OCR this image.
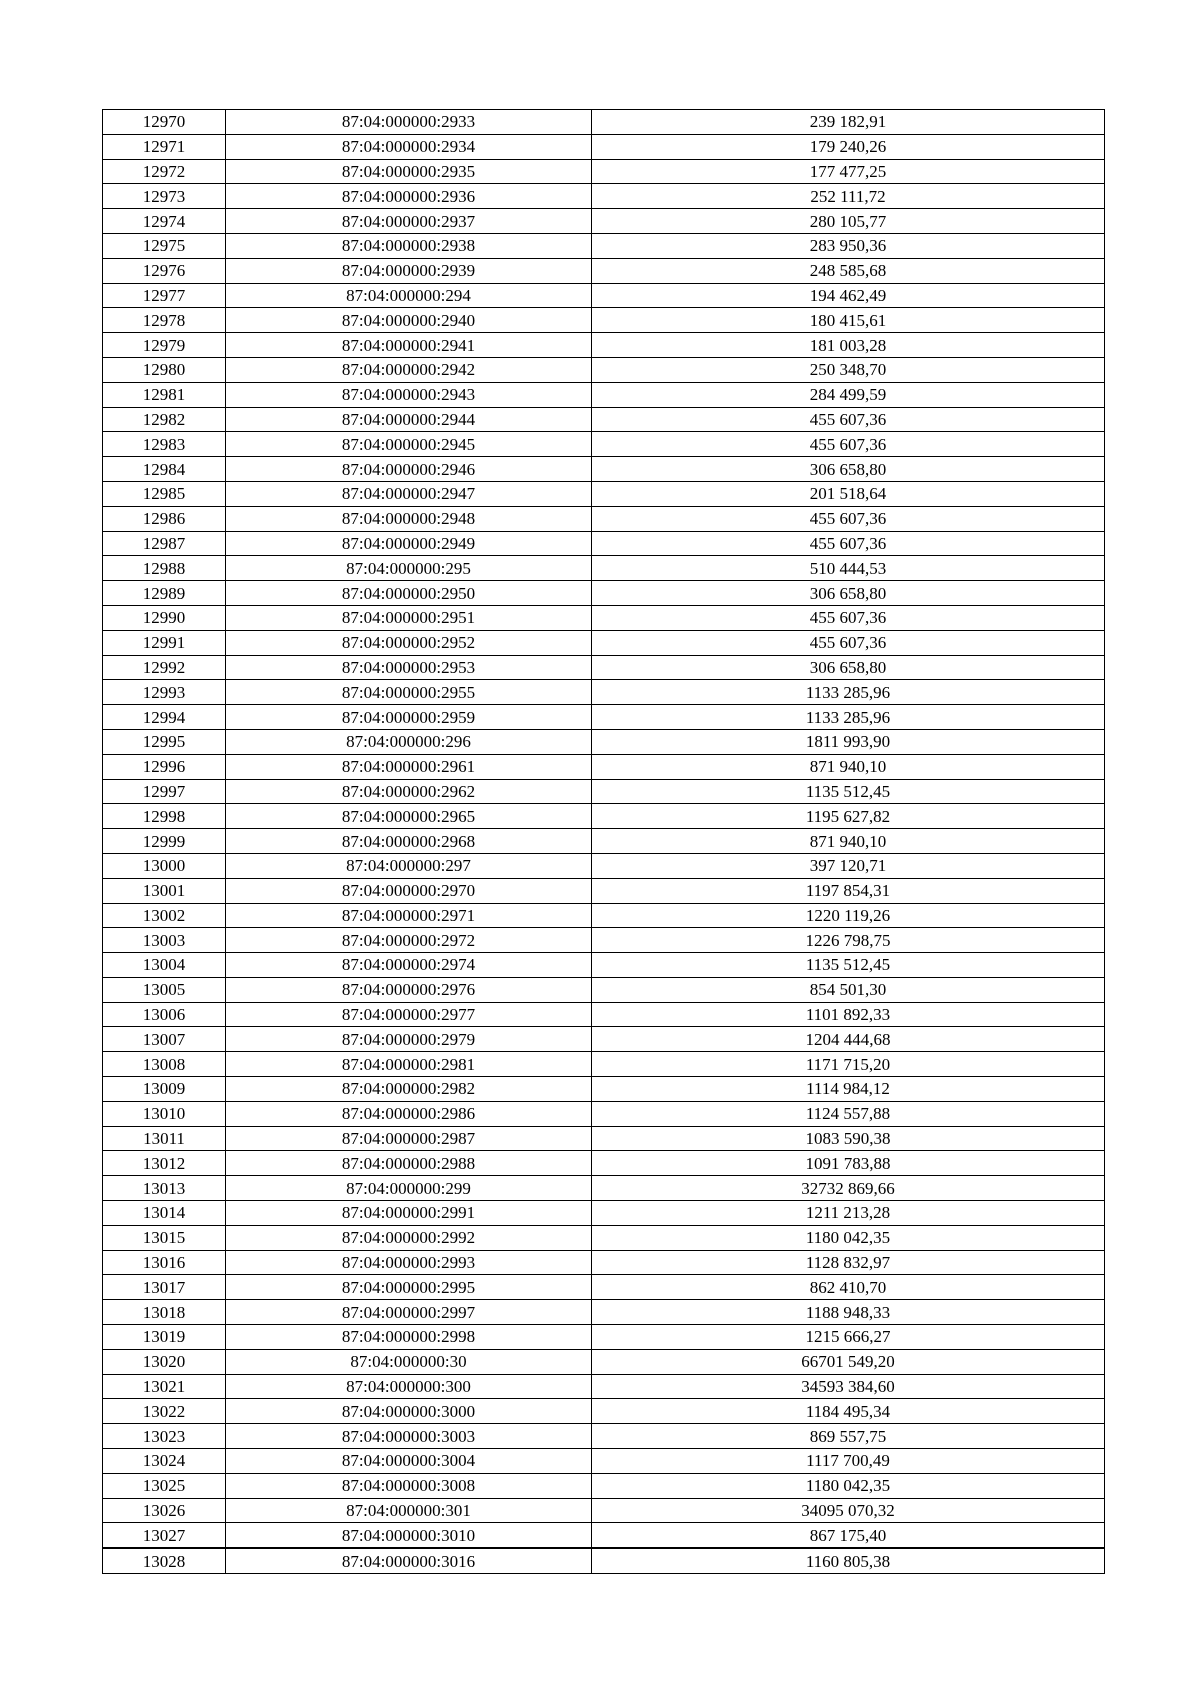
12970	87:04:000000:2933	239 182,91
12971	87:04:000000:2934	179 240,26
12972	87:04:000000:2935	177 477,25
12973	87:04:000000:2936	252 111,72
12974	87:04:000000:2937	280 105,77
12975	87:04:000000:2938	283 950,36
12976	87:04:000000:2939	248 585,68
12977	87:04:000000:294	194 462,49
12978	87:04:000000:2940	180 415,61
12979	87:04:000000:2941	181 003,28
12980	87:04:000000:2942	250 348,70
12981	87:04:000000:2943	284 499,59
12982	87:04:000000:2944	455 607,36
12983	87:04:000000:2945	455 607,36
12984	87:04:000000:2946	306 658,80
12985	87:04:000000:2947	201 518,64
12986	87:04:000000:2948	455 607,36
12987	87:04:000000:2949	455 607,36
12988	87:04:000000:295	510 444,53
12989	87:04:000000:2950	306 658,80
12990	87:04:000000:2951	455 607,36
12991	87:04:000000:2952	455 607,36
12992	87:04:000000:2953	306 658,80
12993	87:04:000000:2955	1133 285,96
12994	87:04:000000:2959	1133 285,96
12995	87:04:000000:296	1811 993,90
12996	87:04:000000:2961	871 940,10
12997	87:04:000000:2962	1135 512,45
12998	87:04:000000:2965	1195 627,82
12999	87:04:000000:2968	871 940,10
13000	87:04:000000:297	397 120,71
13001	87:04:000000:2970	1197 854,31
13002	87:04:000000:2971	1220 119,26
13003	87:04:000000:2972	1226 798,75
13004	87:04:000000:2974	1135 512,45
13005	87:04:000000:2976	854 501,30
13006	87:04:000000:2977	1101 892,33
13007	87:04:000000:2979	1204 444,68
13008	87:04:000000:2981	1171 715,20
13009	87:04:000000:2982	1114 984,12
13010	87:04:000000:2986	1124 557,88
13011	87:04:000000:2987	1083 590,38
13012	87:04:000000:2988	1091 783,88
13013	87:04:000000:299	32732 869,66
13014	87:04:000000:2991	1211 213,28
13015	87:04:000000:2992	1180 042,35
13016	87:04:000000:2993	1128 832,97
13017	87:04:000000:2995	862 410,70
13018	87:04:000000:2997	1188 948,33
13019	87:04:000000:2998	1215 666,27
13020	87:04:000000:30	66701 549,20
13021	87:04:000000:300	34593 384,60
13022	87:04:000000:3000	1184 495,34
13023	87:04:000000:3003	869 557,75
13024	87:04:000000:3004	1117 700,49
13025	87:04:000000:3008	1180 042,35
13026	87:04:000000:301	34095 070,32
13027	87:04:000000:3010	867 175,40
13028	87:04:000000:3016	1160 805,38
